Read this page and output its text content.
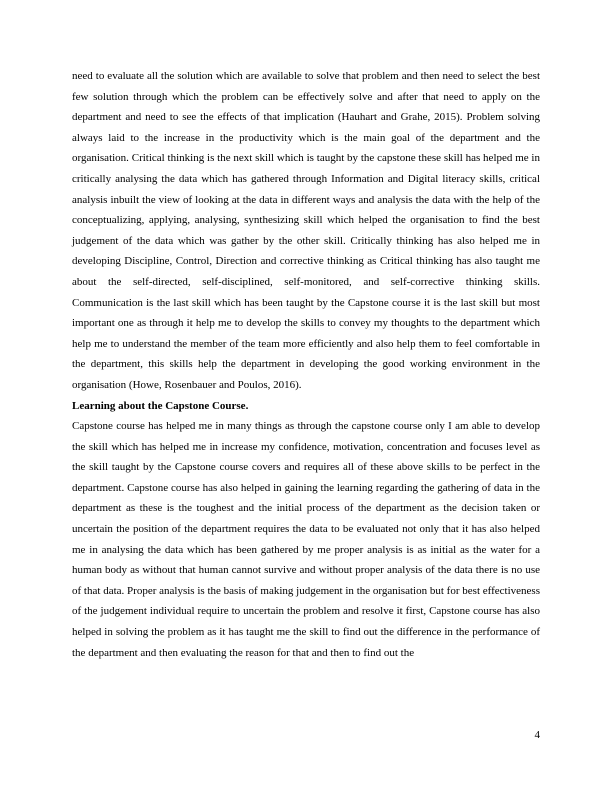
need to evaluate all the solution which are available to solve that problem and then need to select the best few solution through which the problem can be effectively solve and after that need to apply on the department and need to see the effects of that implication (Hauhart and Grahe, 2015). Problem solving always laid to the increase in the productivity which is the main goal of the department and the organisation. Critical thinking is the next skill which is taught by the capstone these skill has helped me in critically analysing the data which has gathered through Information and Digital literacy skills, critical analysis inbuilt the view of looking at the data in different ways and analysis the data with the help of the conceptualizing, applying, analysing, synthesizing skill which helped the organisation to find the best judgement of the data which was gather by the other skill. Critically thinking has also helped me in developing Discipline, Control, Direction and corrective thinking as Critical thinking has also taught me about the self-directed, self-disciplined, self-monitored, and self-corrective thinking skills. Communication is the last skill which has been taught by the Capstone course it is the last skill but most important one as through it help me to develop the skills to convey my thoughts to the department which help me to understand the member of the team more efficiently and also help them to feel comfortable in the department, this skills help the department in developing the good working environment in the organisation (Howe, Rosenbauer and Poulos, 2016).

Learning about the Capstone Course.

Capstone course has helped me in many things as through the capstone course only I am able to develop the skill which has helped me in increase my confidence, motivation, concentration and focuses level as the skill taught by the Capstone course covers and requires all of these above skills to be perfect in the department. Capstone course has also helped in gaining the learning regarding the gathering of data in the department as these is the toughest and the initial process of the department as the decision taken or uncertain the position of the department requires the data to be evaluated not only that it has also helped me in analysing the data which has been gathered by me proper analysis is as initial as the water for a human body as without that human cannot survive and without proper analysis of the data there is no use of that data. Proper analysis is the basis of making judgement in the organisation but for best effectiveness of the judgement individual require to uncertain the problem and resolve it first, Capstone course has also helped in solving the problem as it has taught me the skill to find out the difference in the performance of the department and then evaluating the reason for that and then to find out the

4
